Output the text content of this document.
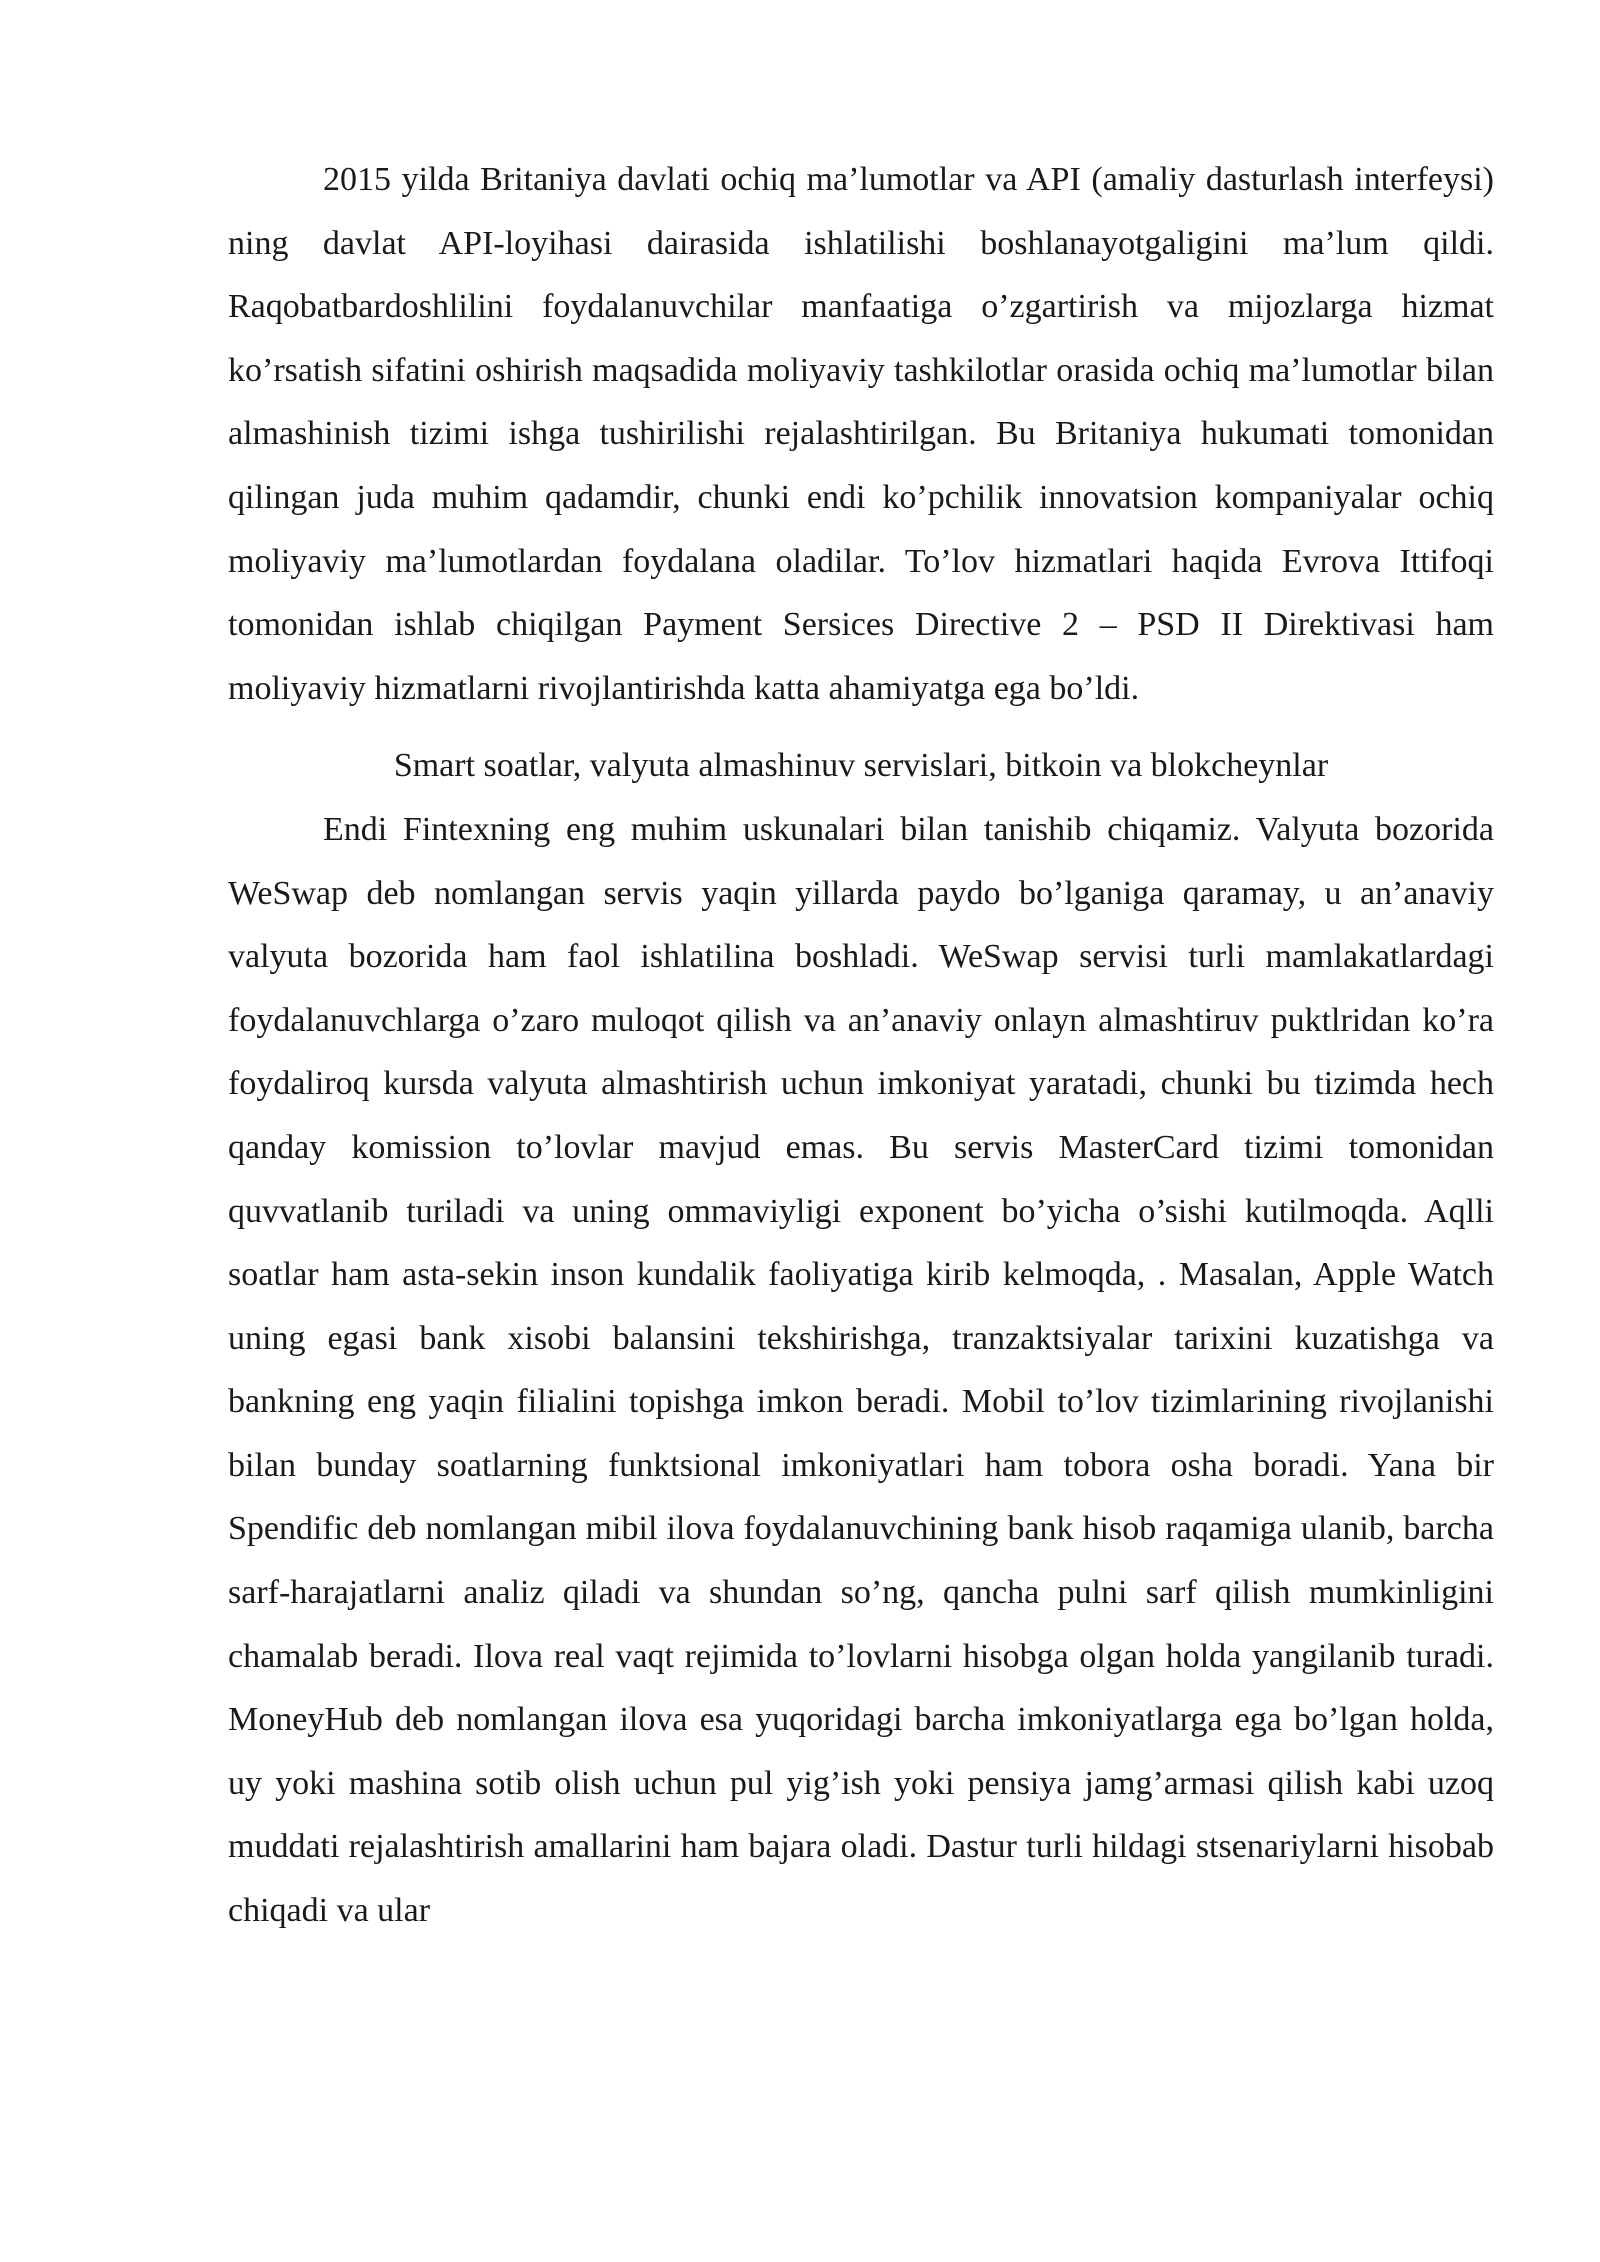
2015 yilda Britaniya davlati ochiq ma’lumotlar va API (amaliy dasturlash interfeysi) ning davlat API-loyihasi dairasida ishlatilishi boshlanayotgaligini ma’lum qildi. Raqobatbardoshlilini foydalanuvchilar manfaatiga o’zgartirish va mijozlarga hizmat ko’rsatish sifatini oshirish maqsadida moliyaviy tashkilotlar orasida ochiq ma’lumotlar bilan almashinish tizimi ishga tushirilishi rejalashtirilgan. Bu Britaniya hukumati tomonidan qilingan juda muhim qadamdir, chunki endi ko’pchilik innovatsion kompaniyalar ochiq moliyaviy ma’lumotlardan foydalana oladilar. To’lov hizmatlari haqida Evrova Ittifoqi tomonidan ishlab chiqilgan Payment Sersices Directive 2 – PSD II Direktivasi ham moliyaviy hizmatlarni rivojlantirishda katta ahamiyatga ega bo’ldi.

Smart soatlar, valyuta almashinuv servislari, bitkoin va blokcheynlar

Endi Fintexning eng muhim uskunalari bilan tanishib chiqamiz. Valyuta bozorida WeSwap deb nomlangan servis yaqin yillarda paydo bo’lganiga qaramay, u an’anaviy valyuta bozorida ham faol ishlatilina boshladi. WeSwap servisi turli mamlakatlardagi foydalanuvchlarga o’zaro muloqot qilish va an’anaviy onlayn almashtiruv puktlridan ko’ra foydaliroq kursda valyuta almashtirish uchun imkoniyat yaratadi, chunki bu tizimda hech qanday komission to’lovlar mavjud emas. Bu servis MasterCard tizimi tomonidan quvvatlanib turiladi va uning ommaviyligi exponent bo’yicha o’sishi kutilmoqda. Aqlli soatlar ham asta-sekin inson kundalik faoliyatiga kirib kelmoqda, . Masalan, Apple Watch uning egasi bank xisobi balansini tekshirishga, tranzaktsiyalar tarixini kuzatishga va bankning eng yaqin filialini topishga imkon beradi. Mobil to’lov tizimlarining rivojlanishi bilan bunday soatlarning funktsional imkoniyatlari ham tobora osha boradi. Yana bir Spendific deb nomlangan mibil ilova foydalanuvchining bank hisob raqamiga ulanib, barcha sarf-harajatlarni analiz qiladi va shundan so’ng, qancha pulni sarf qilish mumkinligini chamalab beradi. Ilova real vaqt rejimida to’lovlarni hisobga olgan holda yangilanib turadi. MoneyHub deb nomlangan ilova esa yuqoridagi barcha imkoniyatlarga ega bo’lgan holda, uy yoki mashina sotib olish uchun pul yig’ish yoki pensiya jamg’armasi qilish kabi uzoq muddati rejalashtirish amallarini ham bajara oladi. Dastur turli hildagi stsenariylarni hisobab chiqadi va ular
